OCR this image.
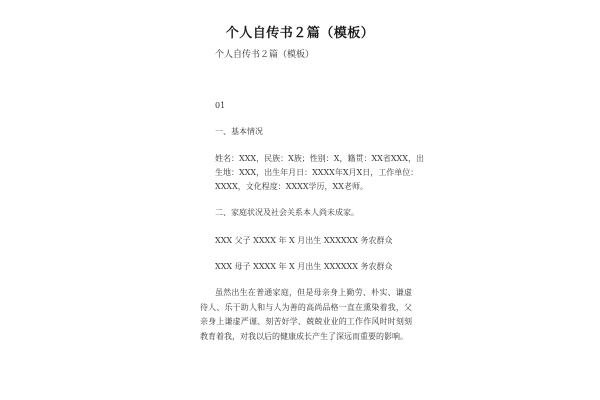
个人自传书２篇（模板）
个人自传书２篇（模板）
01
一、基本情况
姓名：XXX，民族：X族；性别：X，籍贯：XX省XXX，出生地：XXX，出生年月日：XXXX年X月X日，工作单位：XXXX，文化程度：XXXX学历，XX老师。
二、家庭状况及社会关系本人尚未成家。
XXX 父子 XXXX 年 X 月出生 XXXXXX 务农群众
XXX 母子 XXXX 年 X 月出生 XXXXXX 务农群众
虽然出生在普通家庭，但是母亲身上勤劳、朴实、谦虚待人、乐于助人和与人为善的高尚品格一直在熏染着我，父亲身上谦虚严谨、刻苦好学、兢兢业业的工作作风时时刻刻教育着我，对我以后的健康成长产生了深远而重要的影响。
